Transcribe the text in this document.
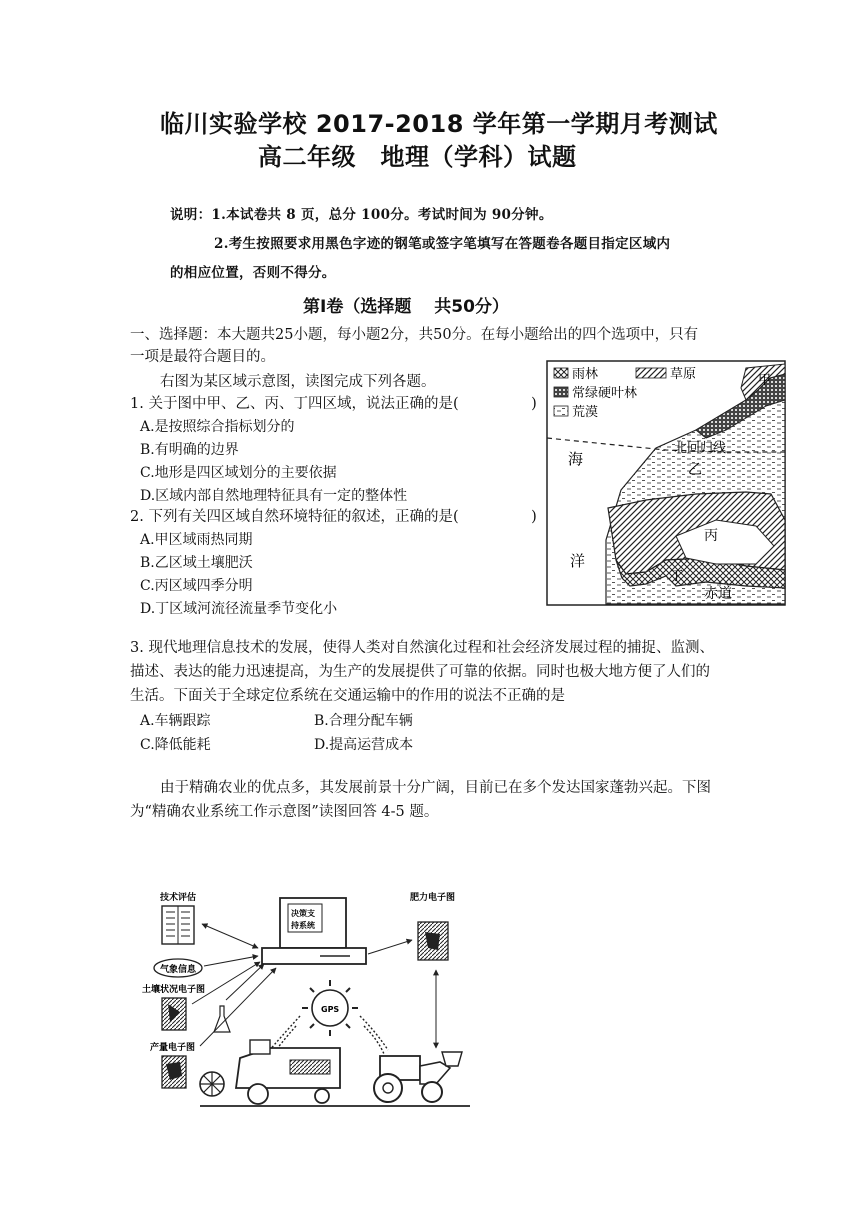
临川实验学校 2017-2018 学年第一学期月考测试
高二年级　地理（学科）试题
说明：1.本试卷共 8 页，总分 100分。考试时间为 90分钟。
2.考生按照要求用黑色字迹的钢笔或签字笔填写在答题卷各题目指定区域内
的相应位置，否则不得分。
第Ⅰ卷（选择题　 共50分）
一、选择题：本大题共25小题，每小题2分，共50分。在每小题给出的四个选项中，只有
一项是最符合题目的。
右图为某区域示意图，读图完成下列各题。
1. 关于图中甲、乙、丙、丁四区域，说法正确的是(　　　　　)
A.是按照综合指标划分的
B.有明确的边界
C.地形是四区域划分的主要依据
D.区域内部自然地理特征具有一定的整体性
2. 下列有关四区域自然环境特征的叙述，正确的是(　　　　　)
A.甲区域雨热同期
B.乙区域土壤肥沃
C.丙区域四季分明
D.丁区域河流径流量季节变化小
雨林	草原
常绿硬叶林
荒漠
甲
北回归线
乙
丙
丁
赤道
海
洋
3. 现代地理信息技术的发展，使得人类对自然演化过程和社会经济发展过程的捕捉、监测、
描述、表达的能力迅速提高，为生产的发展提供了可靠的依据。同时也极大地方便了人们的
生活。下面关于全球定位系统在交通运输中的作用的说法不正确的是
A.车辆跟踪	B.合理分配车辆
C.降低能耗	D.提高运营成本
由于精确农业的优点多，其发展前景十分广阔，目前已在多个发达国家蓬勃兴起。下图
为“精确农业系统工作示意图”读图回答 4-5 题。
技术评估
气象信息
土壤状况电子图
产量电子图
决策支
持系统
肥力电子图
GPS
